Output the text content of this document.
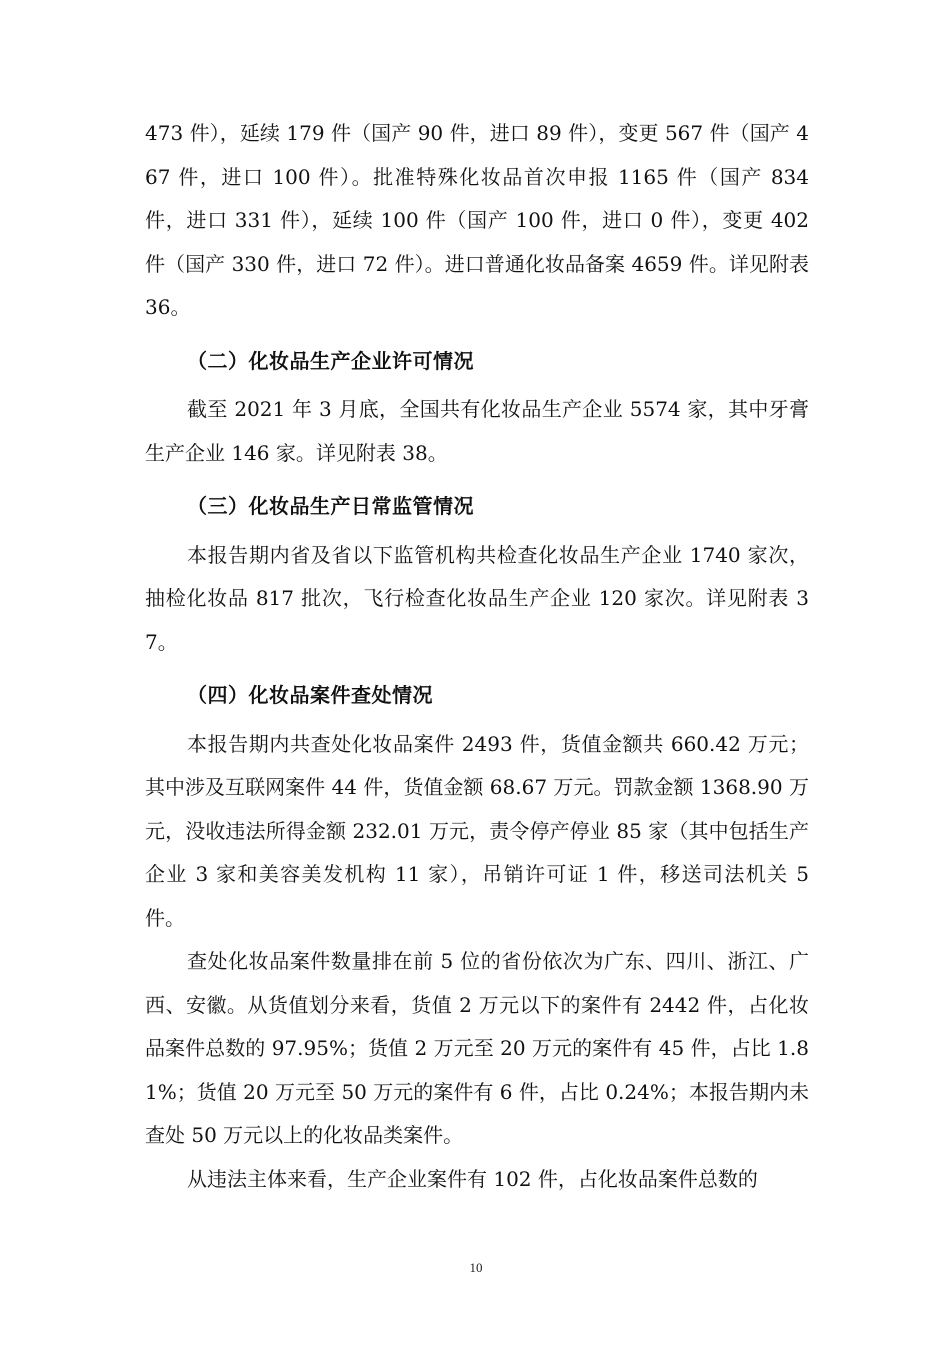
473 件），延续 179 件（国产 90 件，进口 89 件），变更 567 件（国产 467 件，进口 100 件）。批准特殊化妆品首次申报 1165 件（国产 834 件，进口 331 件），延续 100 件（国产 100 件，进口 0 件），变更 402 件（国产 330 件，进口 72 件）。进口普通化妆品备案 4659 件。详见附表 36。

（二）化妆品生产企业许可情况

截至 2021 年 3 月底，全国共有化妆品生产企业 5574 家，其中牙膏生产企业 146 家。详见附表 38。

（三）化妆品生产日常监管情况

本报告期内省及省以下监管机构共检查化妆品生产企业 1740 家次，抽检化妆品 817 批次，飞行检查化妆品生产企业 120 家次。详见附表 37。

（四）化妆品案件查处情况

本报告期内共查处化妆品案件 2493 件，货值金额共 660.42 万元；其中涉及互联网案件 44 件，货值金额 68.67 万元。罚款金额 1368.90 万元，没收违法所得金额 232.01 万元，责令停产停业 85 家（其中包括生产企业 3 家和美容美发机构 11 家），吊销许可证 1 件，移送司法机关 5 件。

查处化妆品案件数量排在前 5 位的省份依次为广东、四川、浙江、广西、安徽。从货值划分来看，货值 2 万元以下的案件有 2442 件，占化妆品案件总数的 97.95%；货值 2 万元至 20 万元的案件有 45 件，占比 1.81%；货值 20 万元至 50 万元的案件有 6 件，占比 0.24%；本报告期内未查处 50 万元以上的化妆品类案件。

从违法主体来看，生产企业案件有 102 件，占化妆品案件总数的

10
